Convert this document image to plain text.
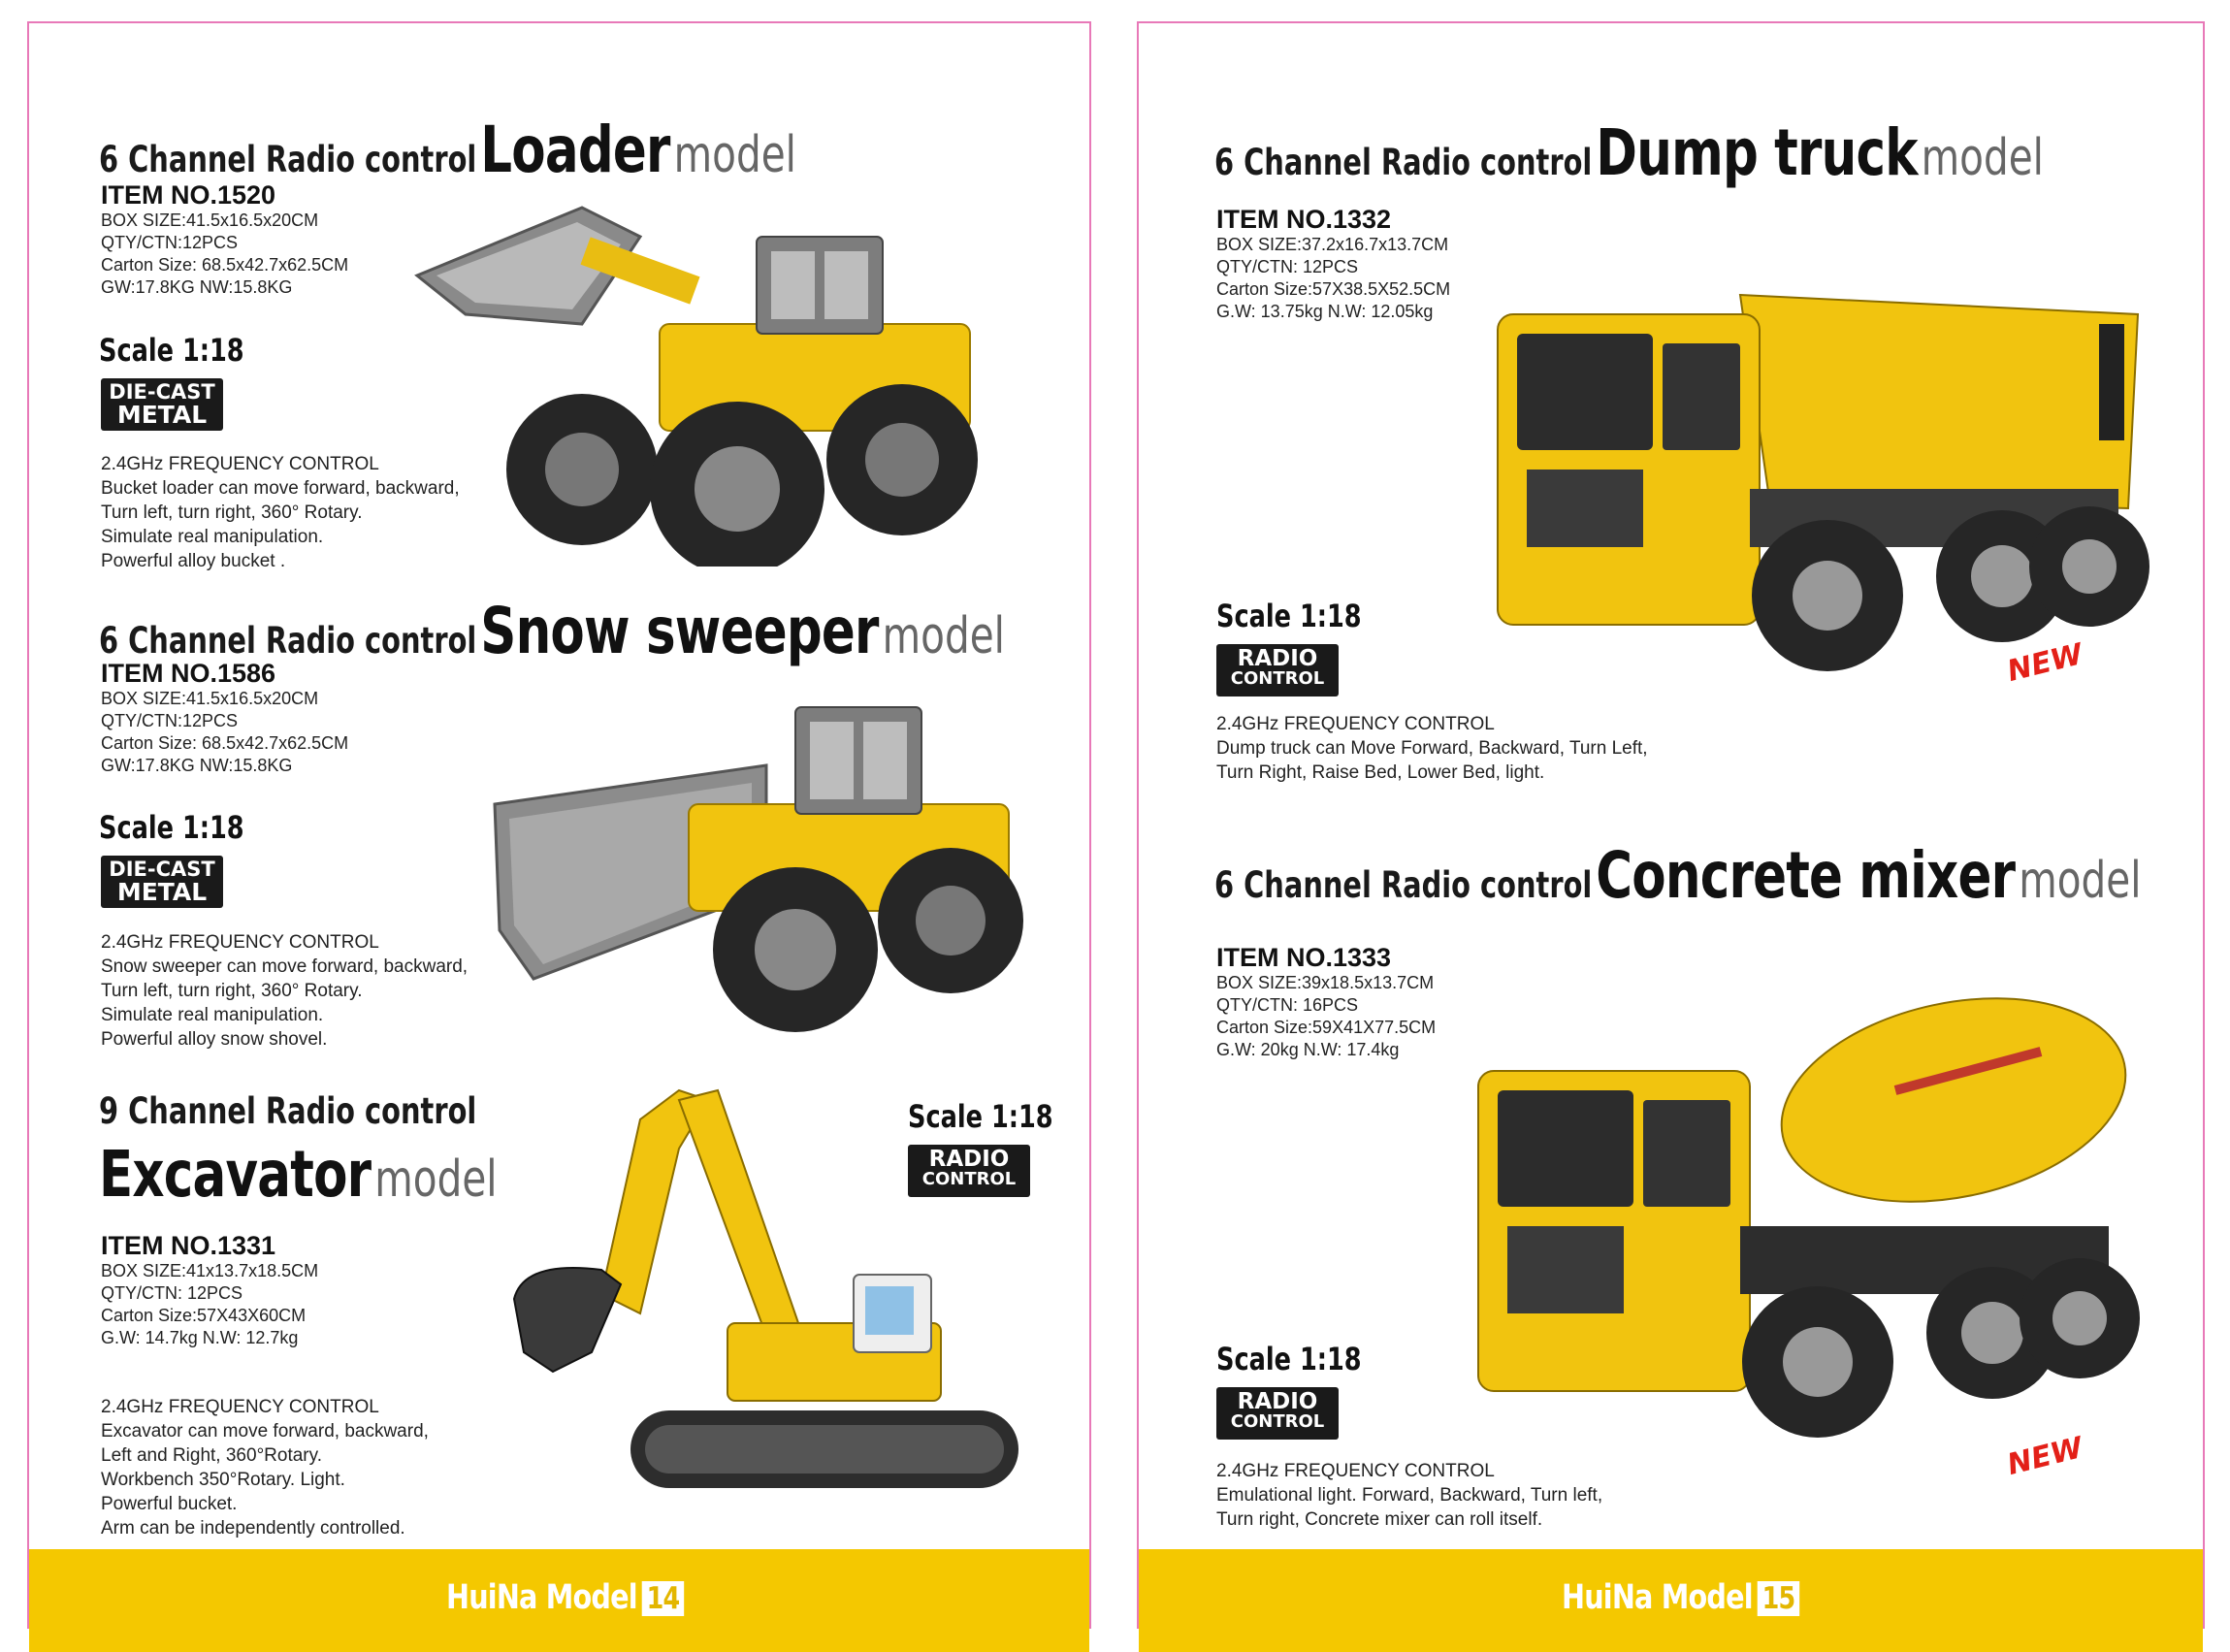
6 Channel Radio control Loader model
ITEM NO.1520
BOX SIZE:41.5x16.5x20CM
QTY/CTN:12PCS
Carton Size: 68.5x42.7x62.5CM
GW:17.8KG NW:15.8KG
Scale 1:18
DIE-CAST
METAL
2.4GHz FREQUENCY CONTROL
Bucket loader can move forward, backward,
Turn left, turn right, 360° Rotary.
Simulate real manipulation.
Powerful alloy bucket .
6 Channel Radio control Snow sweeper model
ITEM NO.1586
BOX SIZE:41.5x16.5x20CM
QTY/CTN:12PCS
Carton Size: 68.5x42.7x62.5CM
GW:17.8KG NW:15.8KG
Scale 1:18
DIE-CAST
METAL
2.4GHz FREQUENCY CONTROL
Snow sweeper can move forward, backward,
Turn left, turn right, 360° Rotary.
Simulate real manipulation.
Powerful alloy snow shovel.
9 Channel Radio control
Excavator model
ITEM NO.1331
BOX SIZE:41x13.7x18.5CM
QTY/CTN: 12PCS
Carton Size:57X43X60CM
G.W: 14.7kg N.W: 12.7kg
Scale 1:18
RADIO
CONTROL
2.4GHz FREQUENCY CONTROL
Excavator can move forward, backward,
Left and Right, 360°Rotary.
Workbench 350°Rotary. Light.
Powerful bucket.
Arm can be independently controlled.
HuiNa Model 14
6 Channel Radio control Dump truck model
ITEM NO.1332
BOX SIZE:37.2x16.7x13.7CM
QTY/CTN: 12PCS
Carton Size:57X38.5X52.5CM
G.W: 13.75kg N.W: 12.05kg
Scale 1:18
RADIO
CONTROL
2.4GHz FREQUENCY CONTROL
Dump truck can Move Forward, Backward, Turn Left,
Turn Right, Raise Bed, Lower Bed, light.
NEW
6 Channel Radio control Concrete mixer model
ITEM NO.1333
BOX SIZE:39x18.5x13.7CM
QTY/CTN: 16PCS
Carton Size:59X41X77.5CM
G.W: 20kg N.W: 17.4kg
Scale 1:18
RADIO
CONTROL
2.4GHz FREQUENCY CONTROL
Emulational light. Forward, Backward, Turn left,
Turn right, Concrete mixer can roll itself.
NEW
HuiNa Model 15
